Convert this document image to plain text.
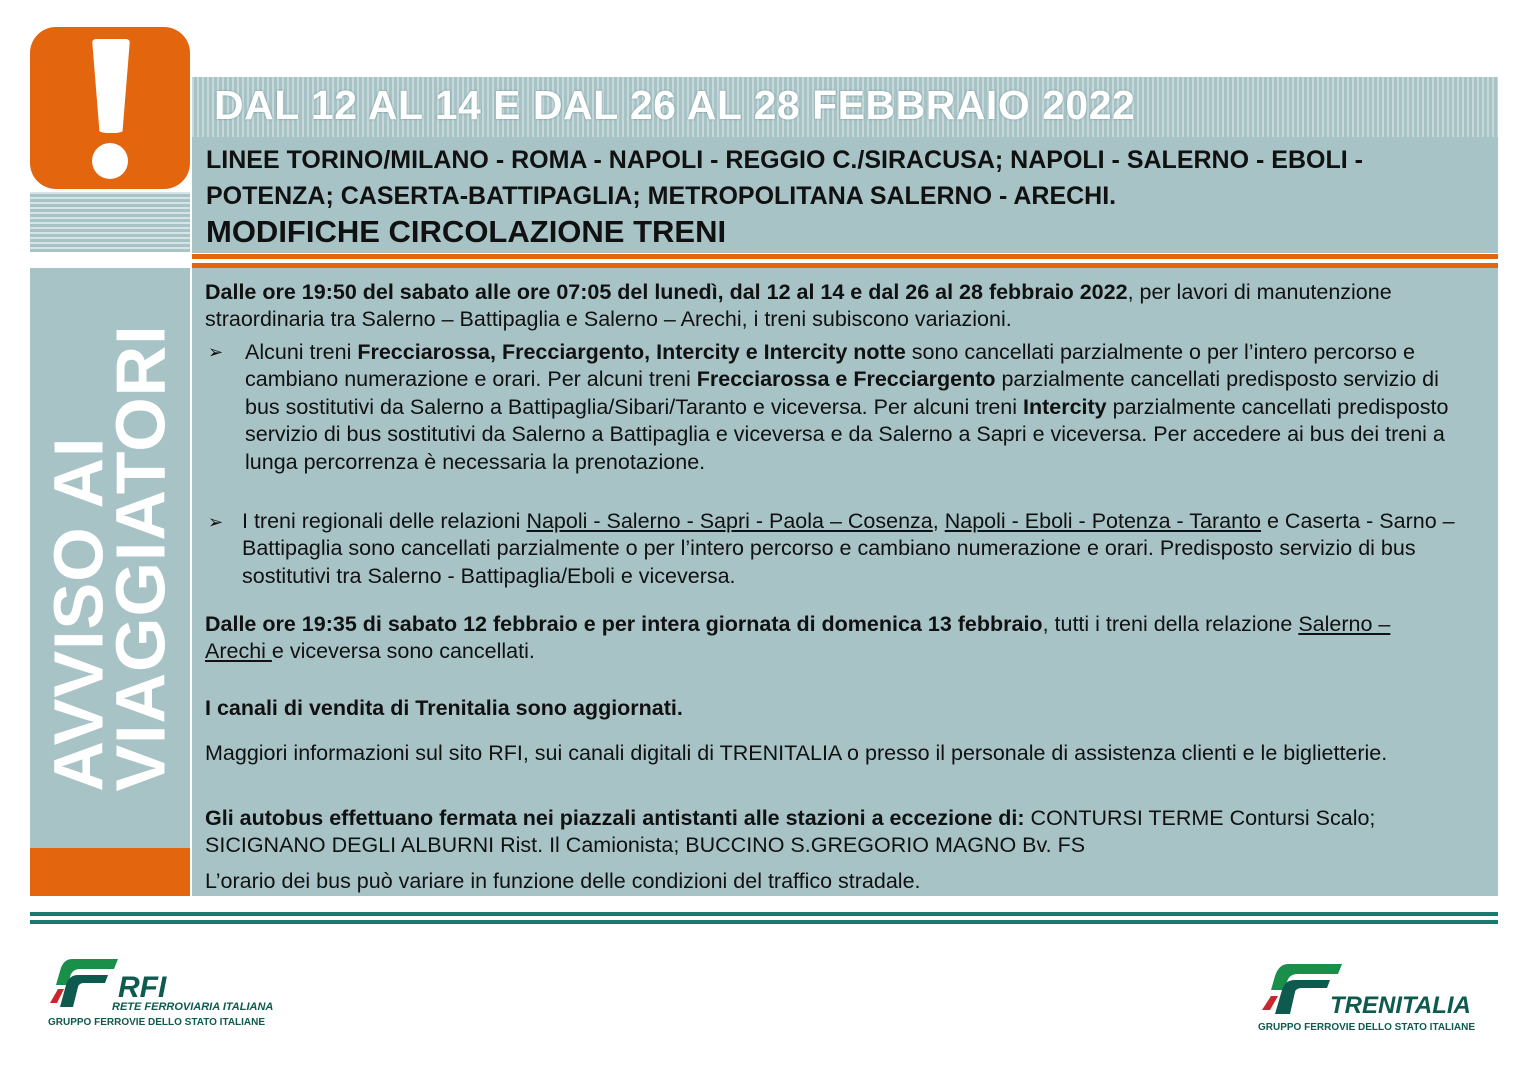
AVVISO AI
VIAGGIATORI
DAL 12 AL 14 E DAL 26 AL 28 FEBBRAIO 2022

LINEE TORINO/MILANO - ROMA - NAPOLI - REGGIO C./SIRACUSA; NAPOLI - SALERNO - EBOLI - POTENZA; CASERTA-BATTIPAGLIA; METROPOLITANA SALERNO - ARECHI.

MODIFICHE CIRCOLAZIONE TRENI

Dalle ore 19:50 del sabato alle ore 07:05 del lunedì, dal 12 al 14 e dal 26 al 28 febbraio 2022, per lavori di manutenzione straordinaria tra Salerno – Battipaglia e Salerno – Arechi, i treni subiscono variazioni.

➢ Alcuni treni Frecciarossa, Frecciargento, Intercity e Intercity notte sono cancellati parzialmente o per l’intero percorso e cambiano numerazione e orari. Per alcuni treni Frecciarossa e Frecciargento parzialmente cancellati predisposto servizio di bus sostitutivi da Salerno a Battipaglia/Sibari/Taranto e viceversa. Per alcuni treni Intercity parzialmente cancellati predisposto servizio di bus sostitutivi da Salerno a Battipaglia e viceversa e da Salerno a Sapri e viceversa. Per accedere ai bus dei treni a lunga percorrenza è necessaria la prenotazione.

➢ I treni regionali delle relazioni Napoli - Salerno - Sapri - Paola – Cosenza, Napoli - Eboli - Potenza - Taranto e Caserta - Sarno – Battipaglia sono cancellati parzialmente o per l’intero percorso e cambiano numerazione e orari. Predisposto servizio di bus sostitutivi tra Salerno - Battipaglia/Eboli e viceversa.

Dalle ore 19:35 di sabato 12 febbraio e per intera giornata di domenica 13 febbraio, tutti i treni della relazione Salerno – Arechi e viceversa sono cancellati.

I canali di vendita di Trenitalia sono aggiornati.

Maggiori informazioni sul sito RFI, sui canali digitali di TRENITALIA o presso il personale di assistenza clienti e le biglietterie.

Gli autobus effettuano fermata nei piazzali antistanti alle stazioni a eccezione di: CONTURSI TERME Contursi Scalo; SICIGNANO DEGLI ALBURNI Rist. Il Camionista; BUCCINO S.GREGORIO MAGNO Bv. FS

L’orario dei bus può variare in funzione delle condizioni del traffico stradale.

RFI
RETE FERROVIARIA ITALIANA
GRUPPO FERROVIE DELLO STATO ITALIANE
TRENITALIA
GRUPPO FERROVIE DELLO STATO ITALIANE
